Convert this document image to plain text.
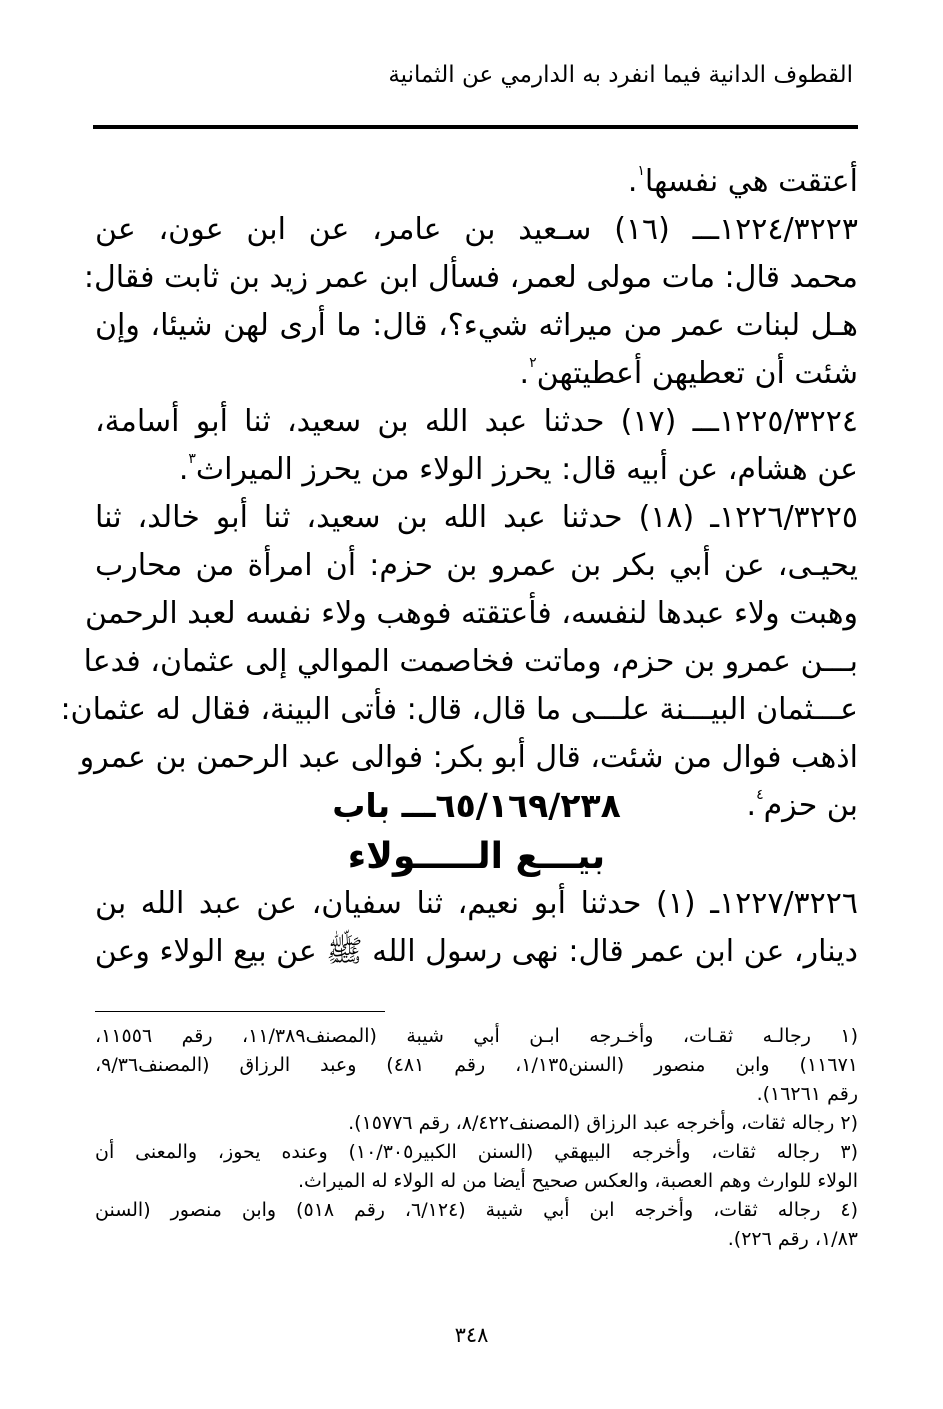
القطوف الدانية فيما انفرد به الدارمي عن الثمانية
أعتقت هي نفسها$^١$.
١٢٢٤/٣٢٢٣ـــ (١٦) سـعيد بن عامر، عن ابن عون، عن
محمد قال: مات مولى لعمر، فسأل ابن عمر زيد بن ثابت فقال:
هـل لبنات عمر من ميراثه شيء؟، قال: ما أرى لهن شيئا، وإن
شئت أن تعطيهن أعطيتهن$^٢$.
١٢٢٥/٣٢٢٤ـــ (١٧) حدثنا عبد الله بن سعيد، ثنا أبو أسامة،
عن هشام، عن أبيه قال: يحرز الولاء من يحرز الميراث$^٣$.
١٢٢٦/٣٢٢٥ـ (١٨) حدثنا عبد الله بن سعيد، ثنا أبو خالد، ثنا
يحيـى، عن أبي بكر بن عمرو بن حزم: أن امرأة من محارب
وهبت ولاء عبدها لنفسه، فأعتقته فوهب ولاء نفسه لعبد الرحمن
بـــن عمرو بن حزم، وماتت فخاصمت الموالي إلى عثمان، فدعا
عـــثمان البيـــنة علـــى ما قال، قال: فأتى البينة، فقال له عثمان:
اذهب فوال من شئت، قال أبو بكر: فوالى عبد الرحمن بن عمرو
بن حزم$^٤$.
٦٥/١٦٩/٢٣٨ـــ باب
بيـــع الـــــولاء
١٢٢٧/٣٢٢٦ـ (١) حدثنا أبو نعيم، ثنا سفيان، عن عبد الله بن
دينار، عن ابن عمر قال: نهى رسول الله ﷺ عن بيع الولاء وعن
(١ رجالـه ثقـات، وأخـرجه ابـن أبي شيبة (المصنف١١/٣٨٩، رقم ١١٥٥٦،
١١٦٧١) وابن منصور (السنن١/١٣٥، رقم ٤٨١) وعبد الرزاق (المصنف٩/٣٦،
رقم ١٦٢٦١).
(٢ رجاله ثقات، وأخرجه عبد الرزاق (المصنف٨/٤٢٢، رقم ١٥٧٧٦).
(٣ رجاله ثقات، وأخرجه البيهقي (السنن الكبير١٠/٣٠٥) وعنده يحوز، والمعنى أن
الولاء للوارث وهم العصبة، والعكس صحيح أيضا من له الولاء له الميراث.
(٤ رجاله ثقات، وأخرجه ابن أبي شيبة (٦/١٢٤، رقم ٥١٨) وابن منصور (السنن
١/٨٣، رقم ٢٢٦).
٣٤٨
